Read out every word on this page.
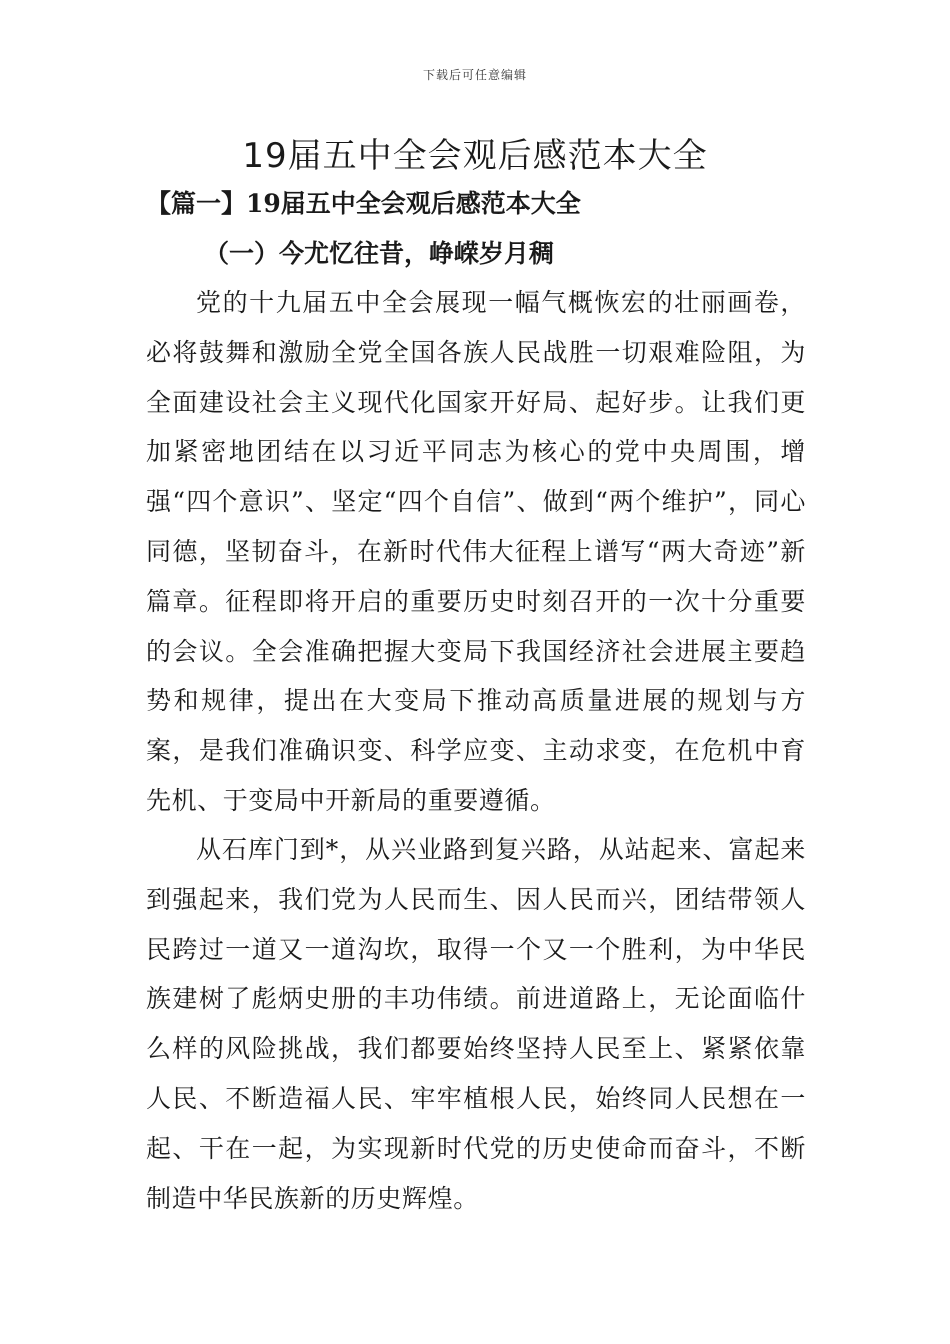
下载后可任意编辑
19届五中全会观后感范本大全
【篇一】19届五中全会观后感范本大全
（一）今尤忆往昔，峥嵘岁月稠

党的十九届五中全会展现一幅气概恢宏的壮丽画卷，必将鼓舞和激励全党全国各族人民战胜一切艰难险阻，为全面建设社会主义现代化国家开好局、起好步。让我们更加紧密地团结在以习近平同志为核心的党中央周围，增强“四个意识”、坚定“四个自信”、做到“两个维护”，同心同德，坚韧奋斗，在新时代伟大征程上谱写“两大奇迹”新篇章。征程即将开启的重要历史时刻召开的一次十分重要的会议。全会准确把握大变局下我国经济社会进展主要趋势和规律，提出在大变局下推动高质量进展的规划与方案，是我们准确识变、科学应变、主动求变，在危机中育先机、于变局中开新局的重要遵循。

从石库门到*，从兴业路到复兴路，从站起来、富起来到强起来，我们党为人民而生、因人民而兴，团结带领人民跨过一道又一道沟坎，取得一个又一个胜利，为中华民族建树了彪炳史册的丰功伟绩。前进道路上，无论面临什么样的风险挑战，我们都要始终坚持人民至上、紧紧依靠人民、不断造福人民、牢牢植根人民，始终同人民想在一起、干在一起，为实现新时代党的历史使命而奋斗，不断制造中华民族新的历史辉煌。
